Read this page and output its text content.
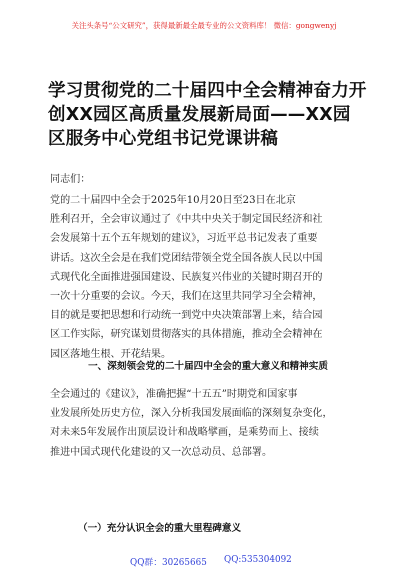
关注头条号“公文研究”，获得最新最全最专业的公文资料库！ 微信：gongwenyj
学习贯彻党的二十届四中全会精神奋力开
创XX园区高质量发展新局面——XX园
区服务中心党组书记党课讲稿
同志们：
党的二十届四中全会于2025年10月20日至23日在北京
胜利召开，全会审议通过了《中共中央关于制定国民经济和社
会发展第十五个五年规划的建议》，习近平总书记发表了重要
讲话。这次全会是在我们党团结带领全党全国各族人民以中国
式现代化全面推进强国建设、民族复兴伟业的关键时期召开的
一次十分重要的会议。今天，我们在这里共同学习全会精神，
目的就是要把思想和行动统一到党中央决策部署上来，结合园
区工作实际，研究谋划贯彻落实的具体措施，推动全会精神在
园区落地生根、开花结果。
一、深刻领会党的二十届四中全会的重大意义和精神实质
全会通过的《建议》，准确把握“十五五”时期党和国家事
业发展所处历史方位，深入分析我国发展面临的深刻复杂变化，
对未来5年发展作出顶层设计和战略擘画，是乘势而上、接续
推进中国式现代化建设的又一次总动员、总部署。
（一）充分认识全会的重大里程碑意义
QQ群：30265665 QQ:535304092
